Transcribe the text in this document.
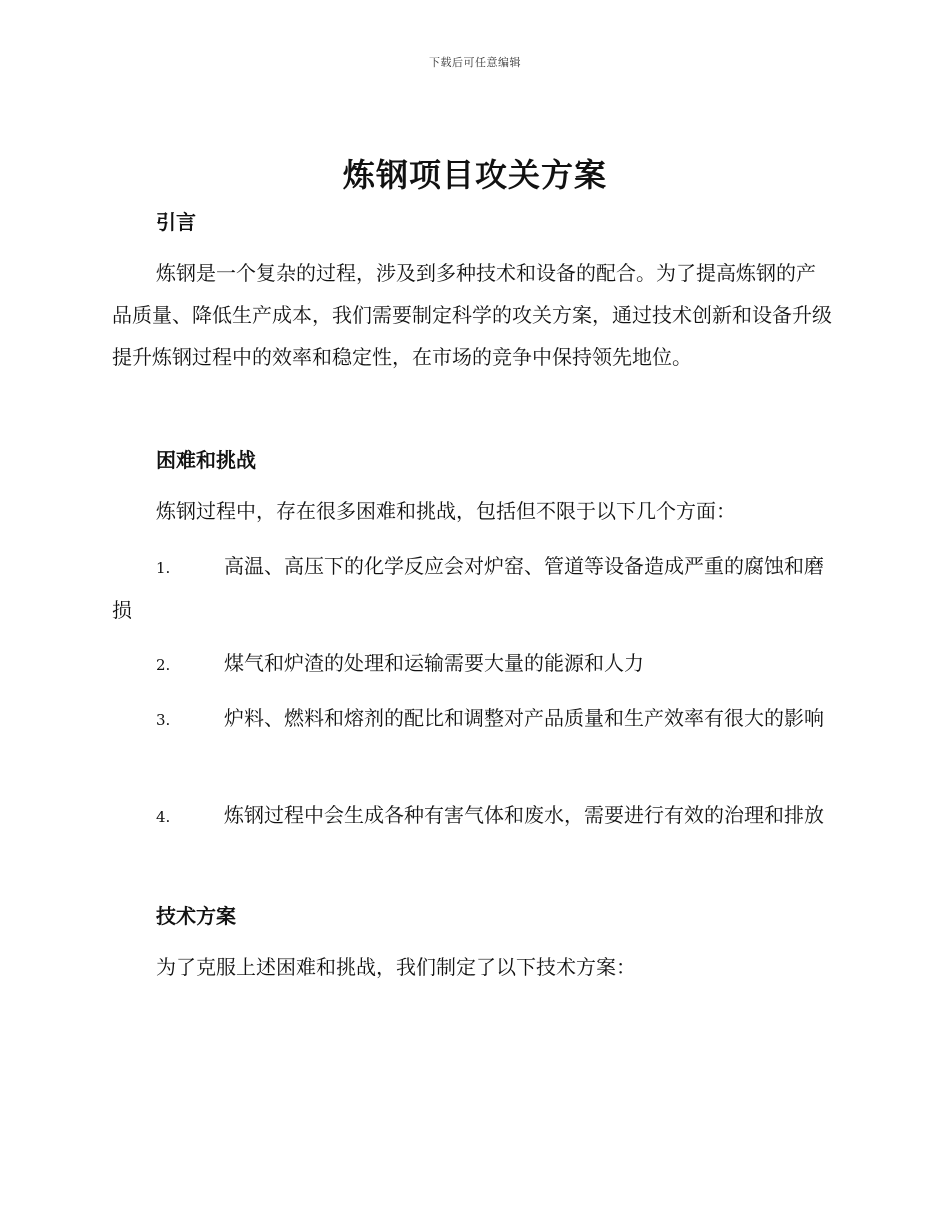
下载后可任意编辑
炼钢项目攻关方案
引言

炼钢是一个复杂的过程，涉及到多种技术和设备的配合。为了提高炼钢的产品质量、降低生产成本，我们需要制定科学的攻关方案，通过技术创新和设备升级提升炼钢过程中的效率和稳定性，在市场的竞争中保持领先地位。

困难和挑战

炼钢过程中，存在很多困难和挑战，包括但不限于以下几个方面：

1.	高温、高压下的化学反应会对炉窑、管道等设备造成严重的腐蚀和磨损
2.	煤气和炉渣的处理和运输需要大量的能源和人力
3.	炉料、燃料和熔剂的配比和调整对产品质量和生产效率有很大的影响
4.	炼钢过程中会生成各种有害气体和废水，需要进行有效的治理和排放
技术方案

为了克服上述困难和挑战，我们制定了以下技术方案：
